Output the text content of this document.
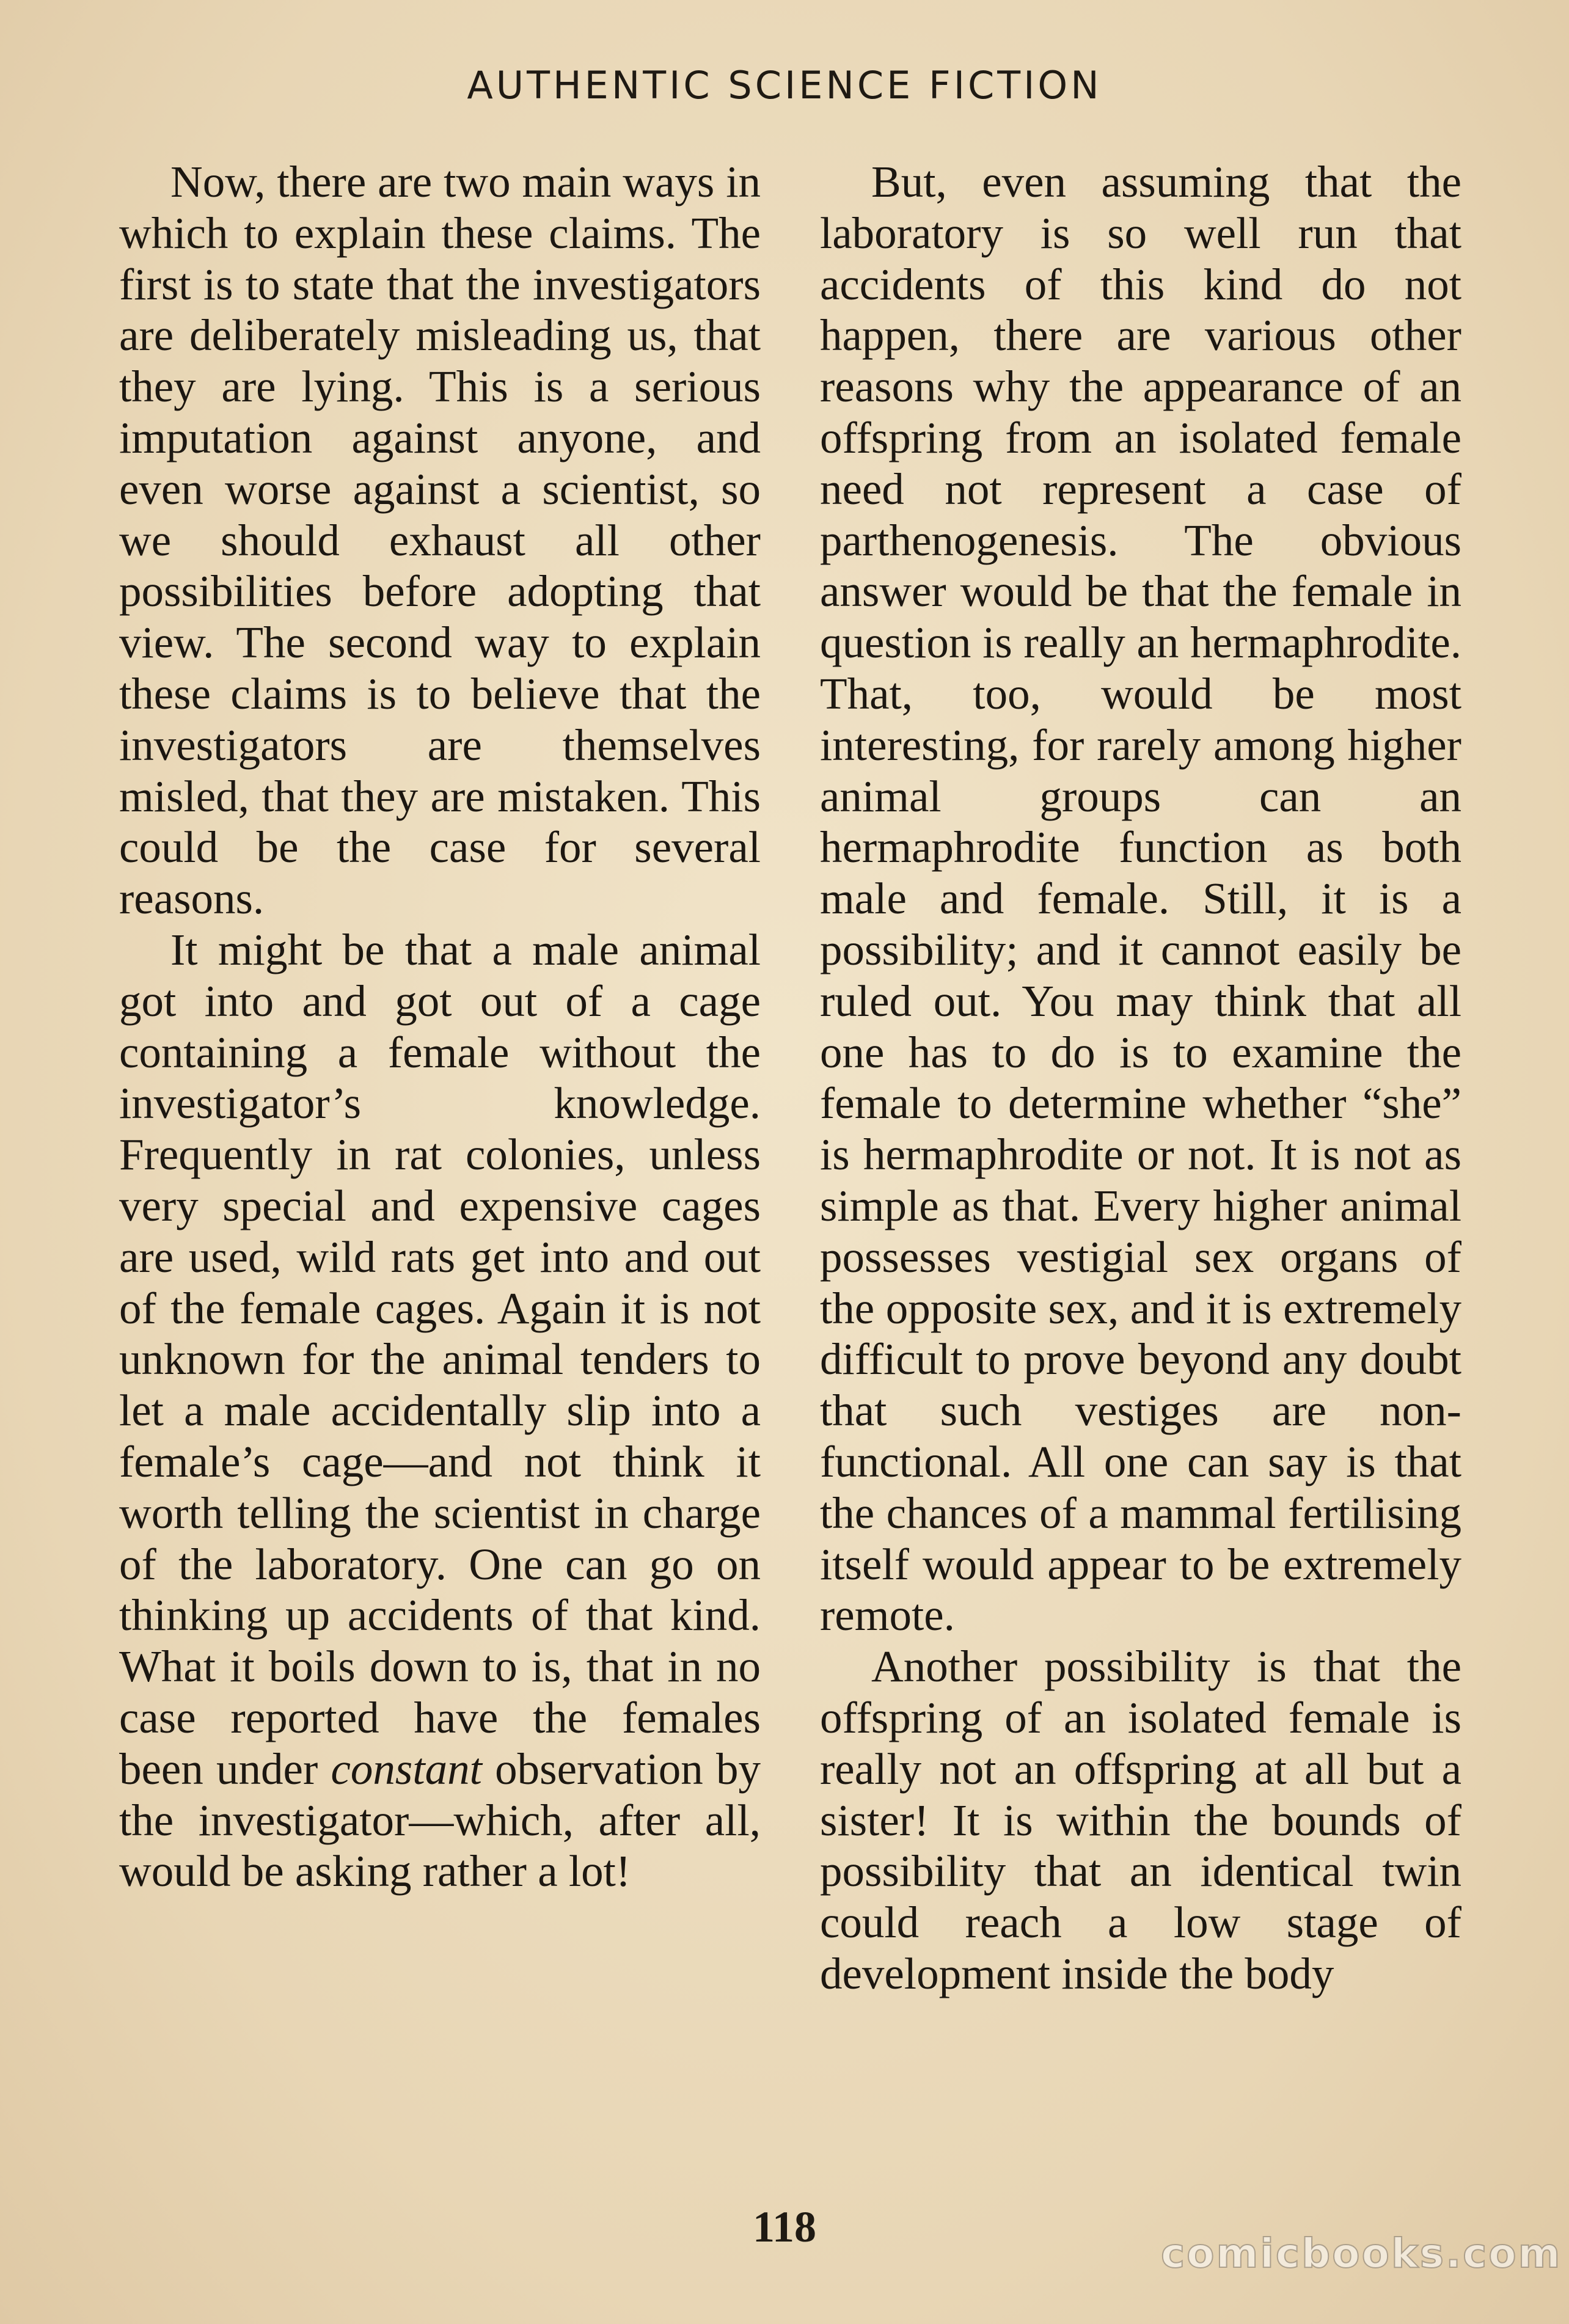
AUTHENTIC SCIENCE FICTION

Now, there are two main ways in which to explain these claims. The first is to state that the investigators are deliberately misleading us, that they are lying. This is a serious imputation against anyone, and even worse against a scientist, so we should exhaust all other possibilities before adopting that view. The second way to explain these claims is to believe that the investigators are themselves misled, that they are mistaken. This could be the case for several reasons.

It might be that a male animal got into and got out of a cage containing a female without the investigator’s knowledge. Frequently in rat colonies, unless very special and expensive cages are used, wild rats get into and out of the female cages. Again it is not unknown for the animal tenders to let a male accidentally slip into a female’s cage—and not think it worth telling the scientist in charge of the laboratory. One can go on thinking up accidents of that kind. What it boils down to is, that in no case reported have the females been under constant observation by the investigator—which, after all, would be asking rather a lot!

But, even assuming that the laboratory is so well run that accidents of this kind do not happen, there are various other reasons why the appearance of an offspring from an isolated female need not represent a case of parthenogenesis. The obvious answer would be that the female in question is really an hermaphrodite. That, too, would be most interesting, for rarely among higher animal groups can an hermaphrodite function as both male and female. Still, it is a possibility; and it cannot easily be ruled out. You may think that all one has to do is to examine the female to determine whether “she” is hermaphrodite or not. It is not as simple as that. Every higher animal possesses vestigial sex organs of the opposite sex, and it is extremely difficult to prove beyond any doubt that such vestiges are non-functional. All one can say is that the chances of a mammal fertilising itself would appear to be extremely remote.

Another possibility is that the offspring of an isolated female is really not an offspring at all but a sister! It is within the bounds of possibility that an identical twin could reach a low stage of development inside the body

118
comicbooks.com
